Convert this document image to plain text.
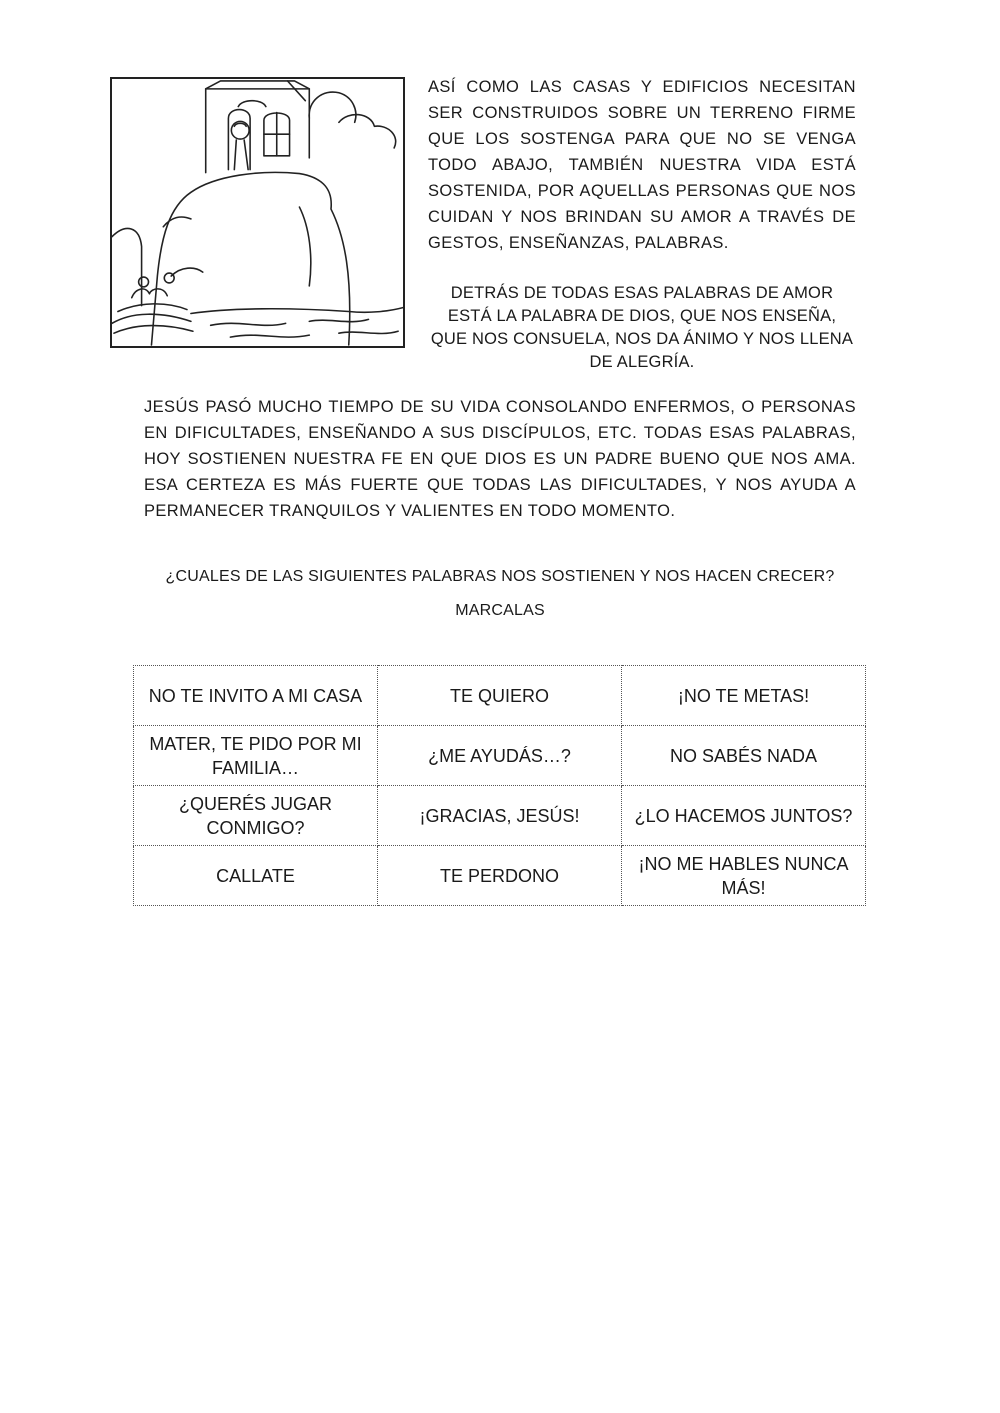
ASÍ COMO LAS CASAS Y EDIFICIOS NECESITAN SER CONSTRUIDOS SOBRE UN TERRENO FIRME QUE LOS SOSTENGA PARA QUE NO SE VENGA TODO ABAJO, TAMBIÉN NUESTRA VIDA ESTÁ SOSTENIDA, POR AQUELLAS PERSONAS QUE NOS CUIDAN Y NOS BRINDAN SU AMOR A TRAVÉS DE GESTOS, ENSEÑANZAS, PALABRAS.

DETRÁS DE TODAS ESAS PALABRAS DE AMOR ESTÁ LA PALABRA DE DIOS, QUE NOS ENSEÑA, QUE NOS CONSUELA, NOS DA ÁNIMO Y NOS LLENA DE ALEGRÍA.

JESÚS PASÓ MUCHO TIEMPO DE SU VIDA CONSOLANDO ENFERMOS, O PERSONAS EN DIFICULTADES, ENSEÑANDO A SUS DISCÍPULOS, ETC. TODAS ESAS PALABRAS, HOY SOSTIENEN NUESTRA FE EN QUE DIOS ES UN PADRE BUENO QUE NOS AMA. ESA CERTEZA ES MÁS FUERTE QUE TODAS LAS DIFICULTADES, Y NOS AYUDA A PERMANECER TRANQUILOS Y VALIENTES EN TODO MOMENTO.

¿CUALES DE LAS SIGUIENTES PALABRAS NOS SOSTIENEN Y NOS HACEN CRECER?

MARCALAS

NO TE INVITO A MI CASA	TE QUIERO	¡NO TE METAS!
MATER, TE PIDO POR MI FAMILIA…	¿ME AYUDÁS…?	NO SABÉS NADA
¿QUERÉS JUGAR CONMIGO?	¡GRACIAS, JESÚS!	¿LO HACEMOS JUNTOS?
CALLATE	TE PERDONO	¡NO ME HABLES NUNCA MÁS!
